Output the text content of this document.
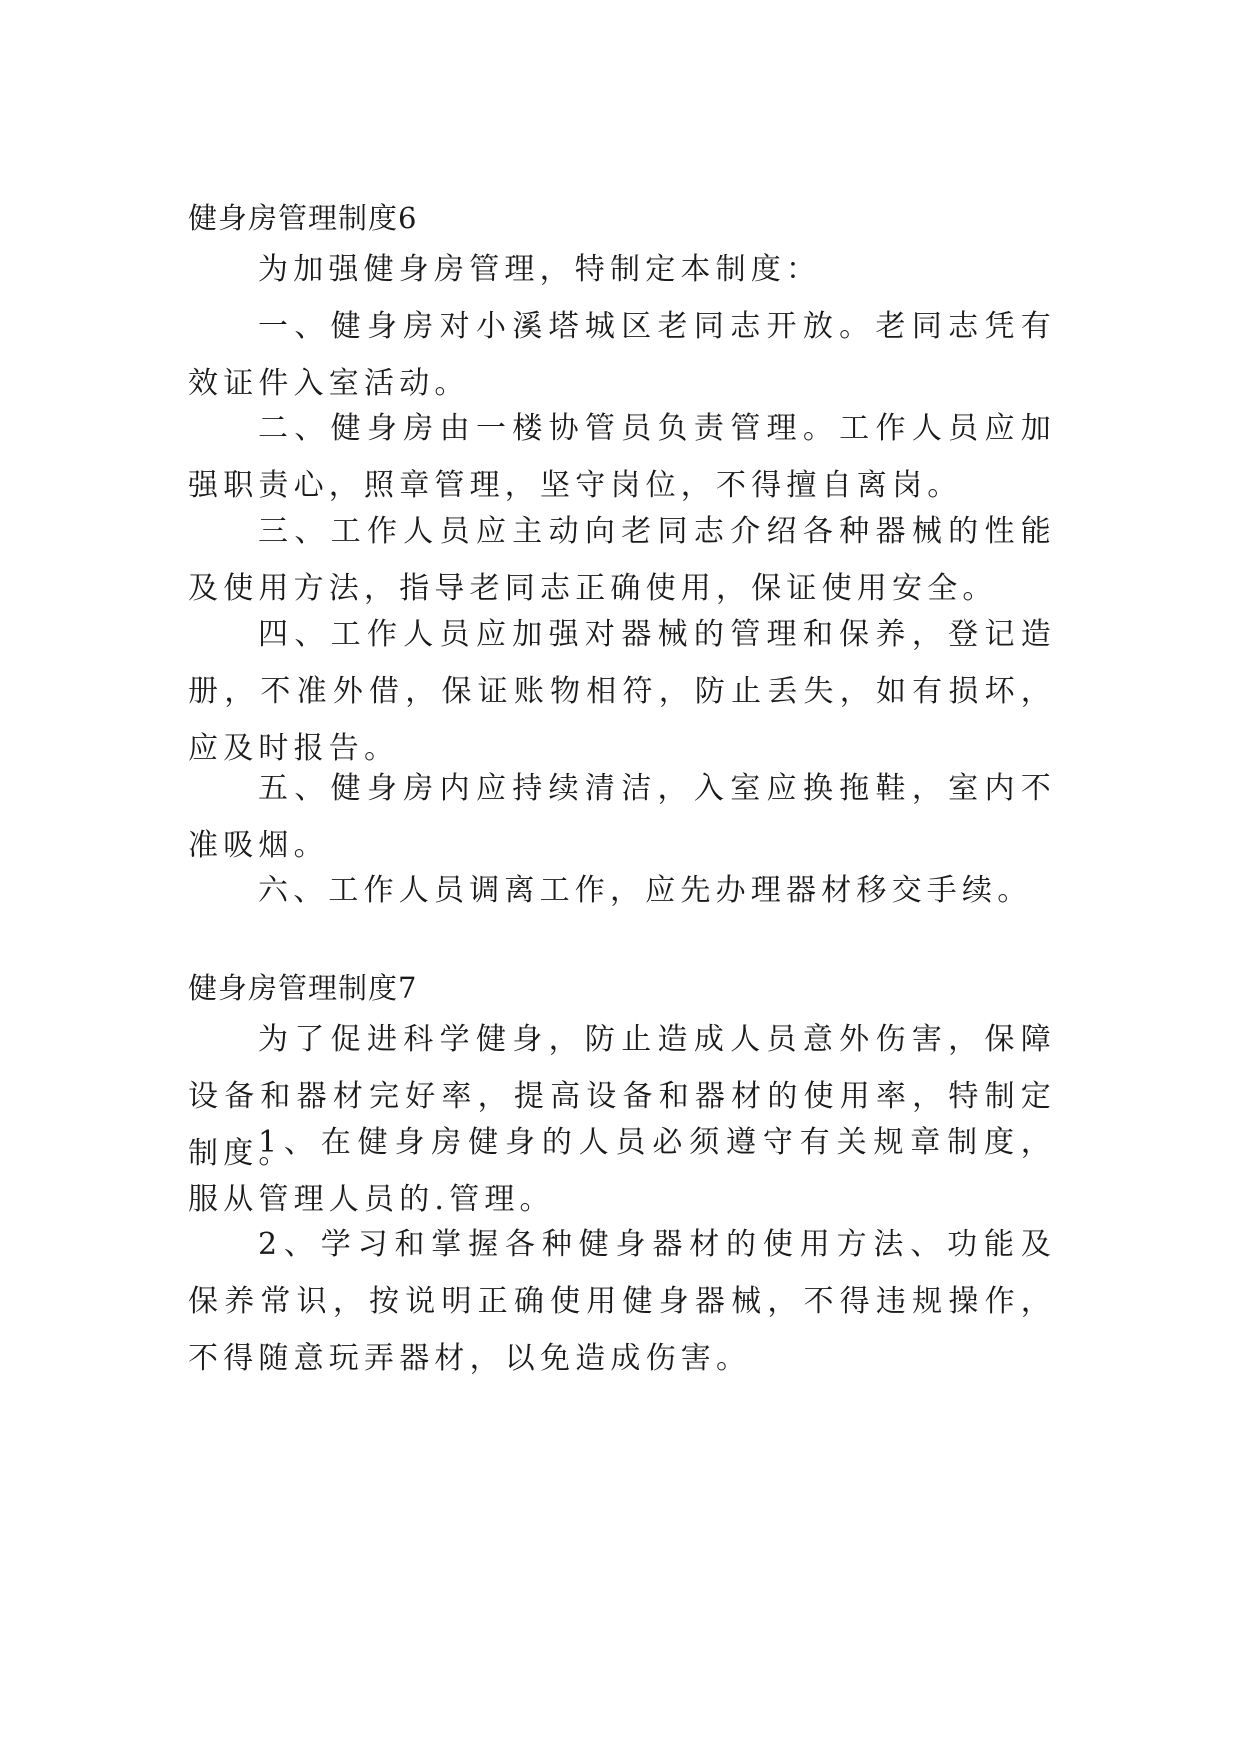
健身房管理制度6

为加强健身房管理，特制定本制度：

一、健身房对小溪塔城区老同志开放。老同志凭有效证件入室活动。

二、健身房由一楼协管员负责管理。工作人员应加强职责心，照章管理，坚守岗位，不得擅自离岗。

三、工作人员应主动向老同志介绍各种器械的性能及使用方法，指导老同志正确使用，保证使用安全。

四、工作人员应加强对器械的管理和保养，登记造册，不准外借，保证账物相符，防止丢失，如有损坏，应及时报告。

五、健身房内应持续清洁，入室应换拖鞋，室内不准吸烟。

六、工作人员调离工作，应先办理器材移交手续。

健身房管理制度7

为了促进科学健身，防止造成人员意外伤害，保障设备和器材完好率，提高设备和器材的使用率，特制定制度。

1、在健身房健身的人员必须遵守有关规章制度，服从管理人员的.管理。

2、学习和掌握各种健身器材的使用方法、功能及保养常识，按说明正确使用健身器械，不得违规操作，不得随意玩弄器材，以免造成伤害。
